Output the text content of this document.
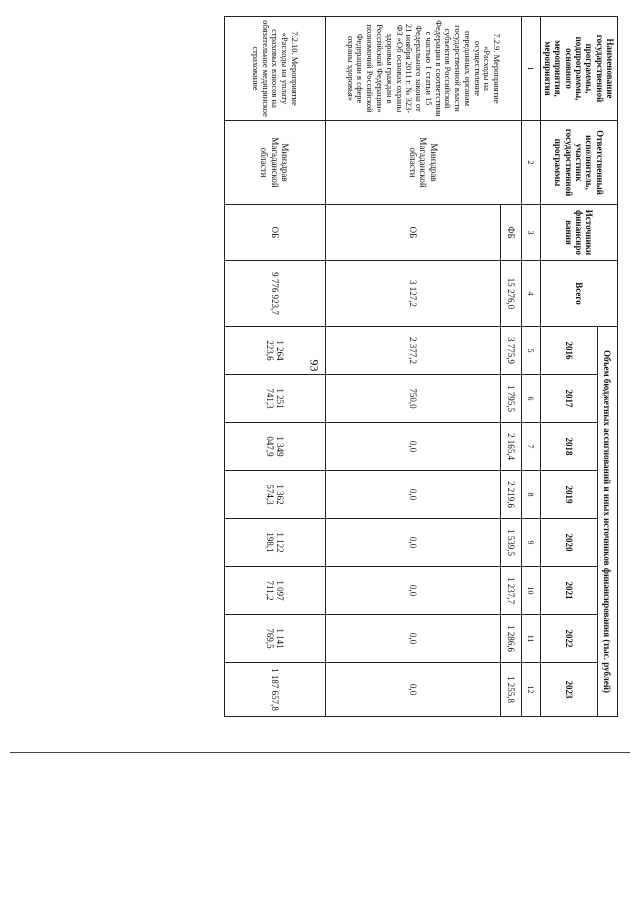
Наименование государственной программы, подпрограммы, основного мероприятия, мероприятия	Ответственный исполнитель, участник государственной программы	Источники финансирования	Всего	Объем бюджетных ассигнований и иных источников финансирования (тыс. рублей)							
				2016	2017	2018	2019	2020	2021	2022	2023
1	2	3	4	5	6	7	8	9	10	11	12
7.2.9. Мероприятие «Расходы на осуществление переданных органам государственной власти субъектов Российской Федерации в соответствии с частью 1 статьи 15 Федерального закона от 21 ноября 2011 г. № 323-ФЗ «Об основах охраны здоровья граждан в Российской Федерации» полномочий Российской Федерации в сфере охраны здоровья»	Минздрав Магаданской области	ФБ	15 276,0	3 775,9	1 795,5	2 165,4	2 219,6	1 539,5	1 237,7	1 286,6	1 255,8
		ОБ	3 127,2	2 377,2	750,0	0,0	0,0	0,0	0,0	0,0	0,0
7.2.10. Мероприятие «Расходы на уплату страховых взносов на обязательное медицинское страхование	Минздрав Магаданской области	ОБ	9 776 923,7	1 264 223,6	1 251 741,3	1 349 047,9	1 362 574,3	1 122 198,1	1 097 711,2	1 141 769,5	1 187 657,8
93
